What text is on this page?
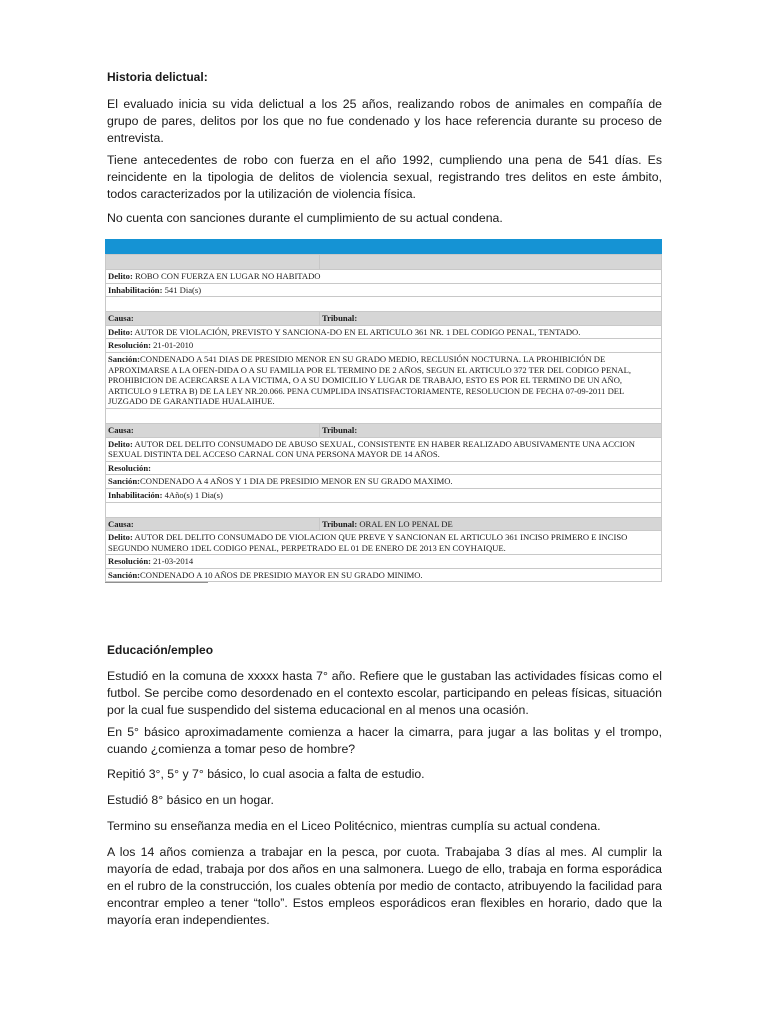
Historia delictual:

El evaluado inicia su vida delictual a los 25 años, realizando robos de animales en compañía de grupo de pares, delitos por los que no fue condenado y los hace referencia durante su proceso de entrevista.

Tiene antecedentes de robo con fuerza en el año 1992, cumpliendo una pena de 541 días. Es reincidente en la tipologia de delitos de violencia sexual, registrando tres delitos en este ámbito, todos caracterizados por la utilización de violencia física.

No cuenta con sanciones durante el cumplimiento de su actual condena.

Delito: ROBO CON FUERZA EN LUGAR NO HABITADO
Inhabilitación: 541 Dia(s)
Causa:	Tribunal:
Delito: AUTOR DE VIOLACIÓN, PREVISTO Y SANCIONA-DO EN EL ARTICULO 361 NR. 1 DEL CODIGO PENAL, TENTADO.
Resolución: 21-01-2010
Sanción:CONDENADO A 541 DIAS DE PRESIDIO MENOR EN SU GRADO MEDIO, RECLUSIÓN NOCTURNA. LA PROHIBICIÓN DE APROXIMARSE A LA OFEN-DIDA O A SU FAMILIA POR EL TERMINO DE 2 AÑOS, SEGUN EL ARTICULO 372 TER DEL CODIGO PENAL, PROHIBICION DE ACERCARSE A LA VICTIMA, O A SU DOMICILIO Y LUGAR DE TRABAJO, ESTO ES POR EL TERMINO DE UN AÑO, ARTICULO 9 LETRA B) DE LA LEY NR.20.066. PENA CUMPLIDA INSATISFACTORIAMENTE, RESOLUCION DE FECHA 07-09-2011 DEL JUZGADO DE GARANTIADE HUALAIHUE.
Causa:	Tribunal:
Delito: AUTOR DEL DELITO CONSUMADO DE ABUSO SEXUAL, CONSISTENTE EN HABER REALIZADO ABUSIVAMENTE UNA ACCION SEXUAL DISTINTA DEL ACCESO CARNAL CON UNA PERSONA MAYOR DE 14 AÑOS.
Resolución:
Sanción:CONDENADO A 4 AÑOS Y 1 DIA DE PRESIDIO MENOR EN SU GRADO MAXIMO.
Inhabilitación: 4Año(s) 1 Dia(s)
Causa:	Tribunal: ORAL EN LO PENAL DE
Delito: AUTOR DEL DELITO CONSUMADO DE VIOLACION QUE PREVE Y SANCIONAN EL ARTICULO 361 INCISO PRIMERO E INCISO SEGUNDO NUMERO 1DEL CODIGO PENAL, PERPETRADO EL 01 DE ENERO DE 2013 EN COYHAIQUE.
Resolución: 21-03-2014
Sanción:CONDENADO A 10 AÑOS DE PRESIDIO MAYOR EN SU GRADO MINIMO.

Educación/empleo

Estudió en la comuna de xxxxx hasta 7° año. Refiere que le gustaban las actividades físicas como el futbol. Se percibe como desordenado en el contexto escolar, participando en peleas físicas, situación por la cual fue suspendido del sistema educacional en al menos una ocasión.

En 5° básico aproximadamente comienza a hacer la cimarra, para jugar a las bolitas y el trompo, cuando ¿comienza a tomar peso de hombre?

Repitió 3°, 5° y 7° básico, lo cual asocia a falta de estudio.

Estudió 8° básico en un hogar.

Termino su enseñanza media en el Liceo Politécnico, mientras cumplía su actual condena.

A los 14 años comienza a trabajar en la pesca, por cuota. Trabajaba 3 días al mes. Al cumplir la mayoría de edad, trabaja por dos años en una salmonera. Luego de ello, trabaja en forma esporádica en el rubro de la construcción, los cuales obtenía por medio de contacto, atribuyendo la facilidad para encontrar empleo a tener “tollo”. Estos empleos esporádicos eran flexibles en horario, dado que la mayoría eran independientes.
